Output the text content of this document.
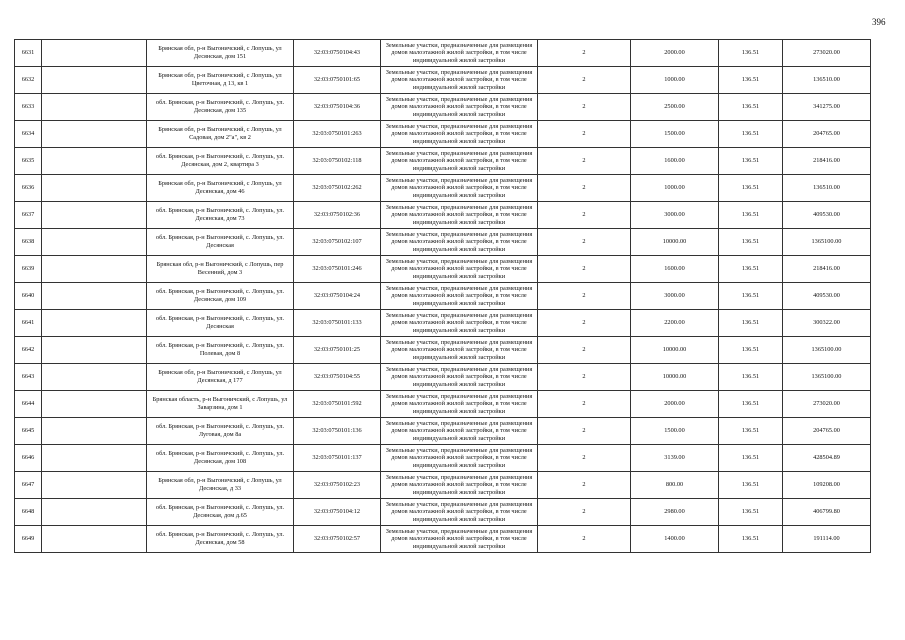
396
6631		Брянская обл, р-н Выгоничский, с Лопушь, ул Десянская, дом 151	32:03:0750104:43	Земельные участки, предназначенные для размещения домов малоэтажной жилой застройки, в том числе индивидуальной жилой застройки	2	2000.00	136.51	273020.00
6632		Брянская обл, р-н Выгоничский, с Лопушь, ул Цветочная, д 13, кв 1	32:03:0750101:65	Земельные участки, предназначенные для размещения домов малоэтажной жилой застройки, в том числе индивидуальной жилой застройки	2	1000.00	136.51	136510.00
6633		обл. Брянская, р-н Выгоничский, с. Лопушь, ул. Десянская, дом 135	32:03:0750104:36	Земельные участки, предназначенные для размещения домов малоэтажной жилой застройки, в том числе индивидуальной жилой застройки	2	2500.00	136.51	341275.00
6634		Брянская обл, р-н Выгоничский, с Лопушь, ул Садовая, дом 2"а", кв 2	32:03:0750101:263	Земельные участки, предназначенные для размещения домов малоэтажной жилой застройки, в том числе индивидуальной жилой застройки	2	1500.00	136.51	204765.00
6635		обл. Брянская, р-н Выгоничский, с. Лопушь, ул. Десянская, дом 2, квартира 3	32:03:0750102:118	Земельные участки, предназначенные для размещения домов малоэтажной жилой застройки, в том числе индивидуальной жилой застройки	2	1600.00	136.51	218416.00
6636		Брянская обл, р-н Выгоничский, с Лопушь, ул Десянская, дом 46	32:03:0750102:262	Земельные участки, предназначенные для размещения домов малоэтажной жилой застройки, в том числе индивидуальной жилой застройки	2	1000.00	136.51	136510.00
6637		обл. Брянская, р-н Выгоничский, с. Лопушь, ул. Десянская, дом 73	32:03:0750102:36	Земельные участки, предназначенные для размещения домов малоэтажной жилой застройки, в том числе индивидуальной жилой застройки	2	3000.00	136.51	409530.00
6638		обл. Брянская, р-н Выгоничский, с. Лопушь, ул. Десянская	32:03:0750102:107	Земельные участки, предназначенные для размещения домов малоэтажной жилой застройки, в том числе индивидуальной жилой застройки	2	10000.00	136.51	1365100.00
6639		Брянская обл, р-н Выгоничский, с Лопушь, пер Весенний, дом 3	32:03:0750101:246	Земельные участки, предназначенные для размещения домов малоэтажной жилой застройки, в том числе индивидуальной жилой застройки	2	1600.00	136.51	218416.00
6640		обл. Брянская, р-н Выгоничский, с. Лопушь, ул. Десянская, дом 109	32:03:0750104:24	Земельные участки, предназначенные для размещения домов малоэтажной жилой застройки, в том числе индивидуальной жилой застройки	2	3000.00	136.51	409530.00
6641		обл. Брянская, р-н Выгоничский, с. Лопушь, ул. Десянская	32:03:0750101:133	Земельные участки, предназначенные для размещения домов малоэтажной жилой застройки, в том числе индивидуальной жилой застройки	2	2200.00	136.51	300322.00
6642		обл. Брянская, р-н Выгоничский, с. Лопушь, ул. Полевая, дом 8	32:03:0750101:25	Земельные участки, предназначенные для размещения домов малоэтажной жилой застройки, в том числе индивидуальной жилой застройки	2	10000.00	136.51	1365100.00
6643		Брянская обл, р-н Выгоничский, с Лопушь, ул Десянская, д 177	32:03:0750104:55	Земельные участки, предназначенные для размещения домов малоэтажной жилой застройки, в том числе индивидуальной жилой застройки	2	10000.00	136.51	1365100.00
6644		Брянская область, р-н Выгоничский, с Лопушь, ул Заварзина, дом 1	32:03:0750101:592	Земельные участки, предназначенные для размещения домов малоэтажной жилой застройки, в том числе индивидуальной жилой застройки	2	2000.00	136.51	273020.00
6645		обл. Брянская, р-н Выгоничский, с. Лопушь, ул. Луговая, дом 8а	32:03:0750101:136	Земельные участки, предназначенные для размещения домов малоэтажной жилой застройки, в том числе индивидуальной жилой застройки	2	1500.00	136.51	204765.00
6646		обл. Брянская, р-н Выгоничский, с. Лопушь, ул. Десянская, дом 108	32:03:0750101:137	Земельные участки, предназначенные для размещения домов малоэтажной жилой застройки, в том числе индивидуальной жилой застройки	2	3139.00	136.51	428504.89
6647		Брянская обл, р-н Выгоничский, с Лопушь, ул Десянская, д 33	32:03:0750102:23	Земельные участки, предназначенные для размещения домов малоэтажной жилой застройки, в том числе индивидуальной жилой застройки	2	800.00	136.51	109208.00
6648		обл. Брянская, р-н Выгоничский, с. Лопушь, ул. Десянская, дом д.65	32:03:0750104:12	Земельные участки, предназначенные для размещения домов малоэтажной жилой застройки, в том числе индивидуальной жилой застройки	2	2980.00	136.51	406799.80
6649		обл. Брянская, р-н Выгоничский, с. Лопушь, ул. Десянская, дом 58	32:03:0750102:57	Земельные участки, предназначенные для размещения домов малоэтажной жилой застройки, в том числе индивидуальной жилой застройки	2	1400.00	136.51	191114.00
